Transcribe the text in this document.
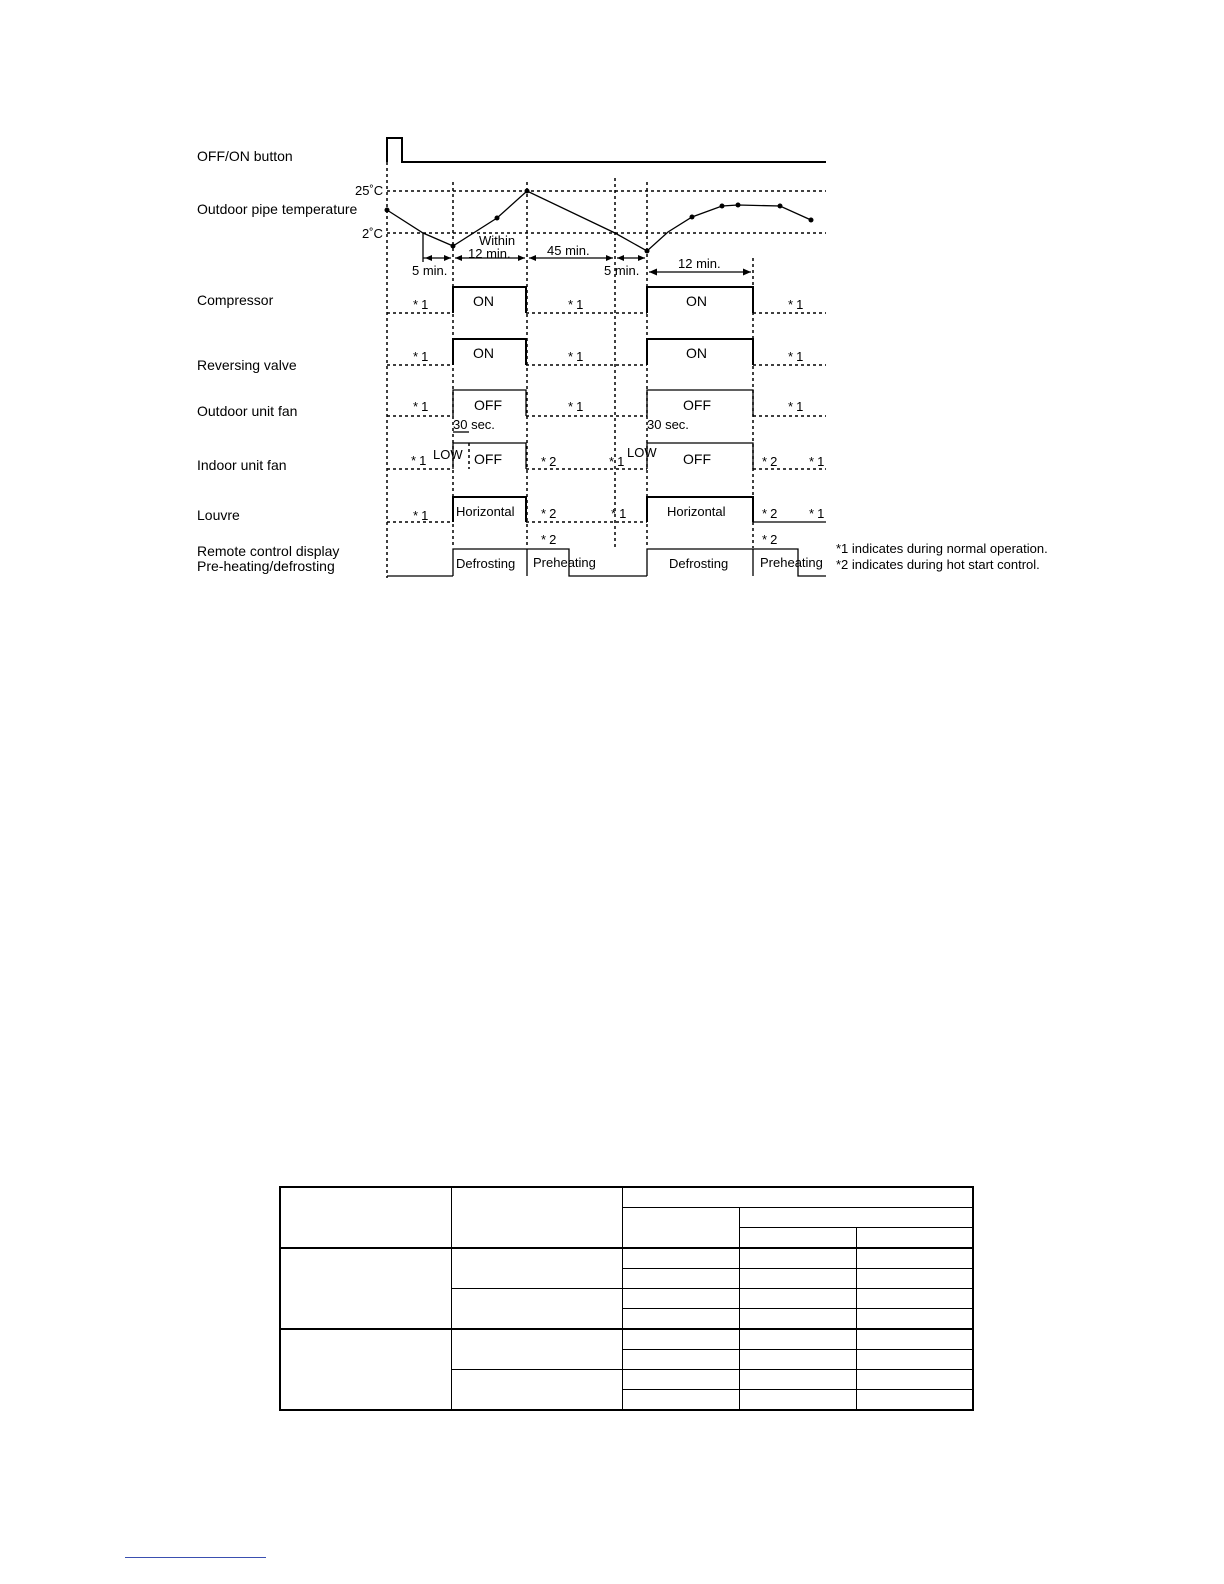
OFF/ON button
Outdoor pipe temperature
Compressor
Reversing valve
Outdoor unit fan
Indoor unit fan
Louvre
Remote control display
Pre-heating/defrosting
25˚C
2˚C
5 min.
Within
12 min.	45 min.
5 min.	12 min.
ON	ON
* 1	* 1	* 1
ON	ON
* 1	* 1	* 1
OFF	OFF
* 1	* 1	* 1
30 sec.	30 sec.
OFF	OFF
LOW	LOW
* 1	* 2	* 1	* 2 * 1
Horizontal	Horizontal
* 1	* 2	* 1	* 2 * 1
Defrosting Preheating	Defrosting Preheating
* 2	* 2
*1 indicates during normal operation.
*2 indicates during hot start control.
